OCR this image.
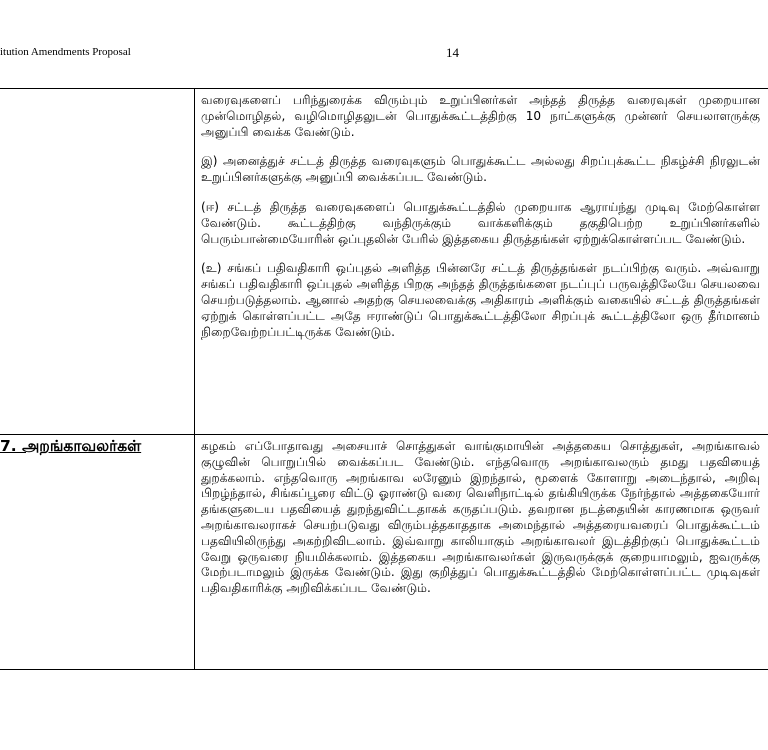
itution Amendments Proposal	14

	வரைவுகளைப் பரிந்துரைக்க விரும்பும் உறுப்பினர்கள் அந்தத் திருத்த வரைவுகள் முறையான முன்மொழிதல், வழிமொழிதலுடன் பொதுக்கூட்டத்திற்கு 10 நாட்களுக்கு முன்னர் செயலாளருக்கு அனுப்பி வைக்க வேண்டும்.

இ) அனைத்துச் சட்டத் திருத்த வரைவுகளும் பொதுக்கூட்ட அல்லது சிறப்புக்கூட்ட நிகழ்ச்சி நிரலுடன் உறுப்பினர்களுக்கு அனுப்பி வைக்கப்பட வேண்டும்.

(ஈ) சட்டத் திருத்த வரைவுகளைப் பொதுக்கூட்டத்தில் முறையாக ஆராய்ந்து முடிவு மேற்கொள்ள வேண்டும். கூட்டத்திற்கு வந்திருக்கும் வாக்களிக்கும் தகுதிபெற்ற உறுப்பினர்களில் பெரும்பான்மையோரின் ஒப்புதலின் பேரில் இத்தகைய திருத்தங்கள் ஏற்றுக்கொள்ளப்பட வேண்டும்.

(உ) சங்கப் பதிவதிகாரி ஒப்புதல் அளித்த பின்னரே சட்டத் திருத்தங்கள் நடப்பிற்கு வரும். அவ்வாறு சங்கப் பதிவதிகாரி ஒப்புதல் அளித்த பிறகு அந்தத் திருத்தங்களை நடப்புப் பருவத்திலேயே செயலவை செயற்படுத்தலாம். ஆனால் அதற்கு செயலவைக்கு அதிகாரம் அளிக்கும் வகையில் சட்டத் திருத்தங்கள் ஏற்றுக் கொள்ளப்பட்ட அதே ஈராண்டுப் பொதுக்கூட்டத்திலோ சிறப்புக் கூட்டத்திலோ ஒரு தீர்மானம் நிறைவேற்றப்பட்டிருக்க வேண்டும்.

7. அறங்காவலர்கள்	கழகம் எப்போதாவது அசையாச் சொத்துகள் வாங்குமாயின் அத்தகைய சொத்துகள், அறங்காவல் குழுவின் பொறுப்பில் வைக்கப்பட வேண்டும். எந்தவொரு அறங்காவலரும் தமது பதவியைத் துறக்கலாம். எந்தவொரு அறங்காவ லரேனும் இறந்தால், மூளைக் கோளாறு அடைந்தால், அறிவு பிறழ்ந்தால், சிங்கப்பூரை விட்டு ஓராண்டு வரை வெளிநாட்டில் தங்கியிருக்க நேர்ந்தால் அத்தகையோர் தங்களுடைய பதவியைத் துறந்துவிட்டதாகக் கருதப்படும். தவறான நடத்தையின் காரணமாக ஒருவர் அறங்காவலராகச் செயற்படுவது விரும்பத்தகாததாக அமைந்தால் அத்தரையவரைப் பொதுக்கூட்டம் பதவியிலிருந்து அகற்றிவிடலாம். இவ்வாறு காலியாகும் அறங்காவலர் இடத்திற்குப் பொதுக்கூட்டம் வேறு ஒருவரை நியமிக்கலாம். இத்தகைய அறங்காவலர்கள் இருவருக்குக் குறையாமலும், ஐவருக்கு மேற்படாமலும் இருக்க வேண்டும். இது குறித்துப் பொதுக்கூட்டத்தில் மேற்கொள்ளப்பட்ட முடிவுகள் பதிவதிகாரிக்கு அறிவிக்கப்பட வேண்டும்.
